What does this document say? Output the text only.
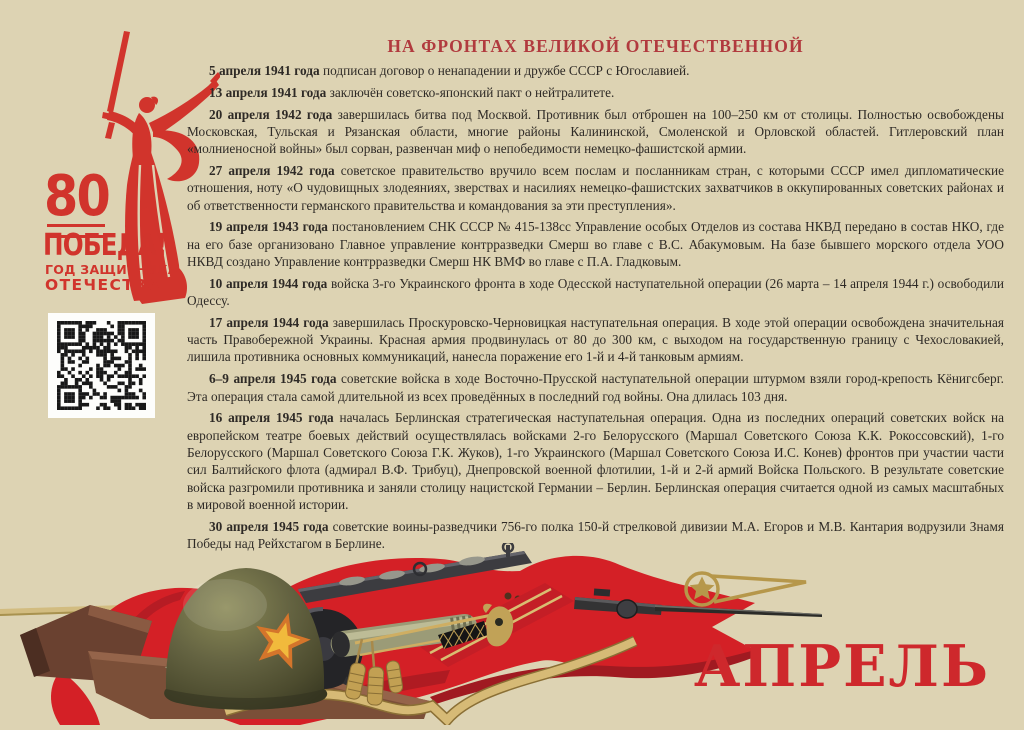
НА ФРОНТАХ ВЕЛИКОЙ ОТЕЧЕСТВЕННОЙ
80
ПОБЕДА!
ГОД ЗАЩИТНИКА
ОТЕЧЕСТВА

5 апреля 1941 года подписан договор о ненападении и дружбе СССР с Югославией.

13 апреля 1941 года заключён советско-японский пакт о нейтралитете.

20 апреля 1942 года завершилась битва под Москвой. Противник был отброшен на 100–250 км от столицы. Полностью освобождены Московская, Тульская и Рязанская области, многие районы Калининской, Смоленской и Орловской областей. Гитлеровский план «молниеносной войны» был сорван, развенчан миф о непобедимости немецко-фашистской армии.

27 апреля 1942 года советское правительство вручило всем послам и посланникам стран, с которыми СССР имел дипломатические отношения, ноту «О чудовищных злодеяниях, зверствах и насилиях немецко-фашистских захватчиков в оккупированных советских районах и об ответственности германского правительства и командования за эти преступления».

19 апреля 1943 года постановлением СНК СССР № 415-138сс Управление особых Отделов из состава НКВД передано в состав НКО, где на его базе организовано Главное управление контрразведки Смерш во главе с В.С. Абакумовым. На базе бывшего морского отдела УОО НКВД создано Управление контрразведки Смерш НК ВМФ во главе с П.А. Гладковым.

10 апреля 1944 года войска 3-го Украинского фронта в ходе Одесской наступательной операции (26 марта – 14 апреля 1944 г.) освободили Одессу.

17 апреля 1944 года завершилась Проскуровско-Черновицкая наступательная операция. В ходе этой операции освобождена значительная часть Правобережной Украины. Красная армия продвинулась от 80 до 300 км, с выходом на государственную границу с Чехословакией, лишила противника основных коммуникаций, нанесла поражение его 1-й и 4-й танковым армиям.

6–9 апреля 1945 года советские войска в ходе Восточно-Прусской наступательной операции штурмом взяли город-крепость Кёнигсберг. Эта операция стала самой длительной из всех проведённых в последний год войны. Она длилась 103 дня.

16 апреля 1945 года началась Берлинская стратегическая наступательная операция. Одна из последних операций советских войск на европейском театре боевых действий осуществлялась войсками 2-го Белорусского (Маршал Советского Союза К.К. Рокоссовский), 1-го Белорусского (Маршал Советского Союза Г.К. Жуков), 1-го Украинского (Маршал Советского Союза И.С. Конев) фронтов при участии части сил Балтийского флота (адмирал В.Ф. Трибуц), Днепровской военной флотилии, 1-й и 2-й армий Войска Польского. В результате советские войска разгромили противника и заняли столицу нацистской Германии – Берлин. Берлинская операция считается одной из самых масштабных в мировой военной истории.

30 апреля 1945 года советские воины-разведчики 756-го полка 150-й стрелковой дивизии М.А. Егоров и М.В. Кантария водрузили Знамя Победы над Рейхстагом в Берлине.

АПРЕЛЬ
